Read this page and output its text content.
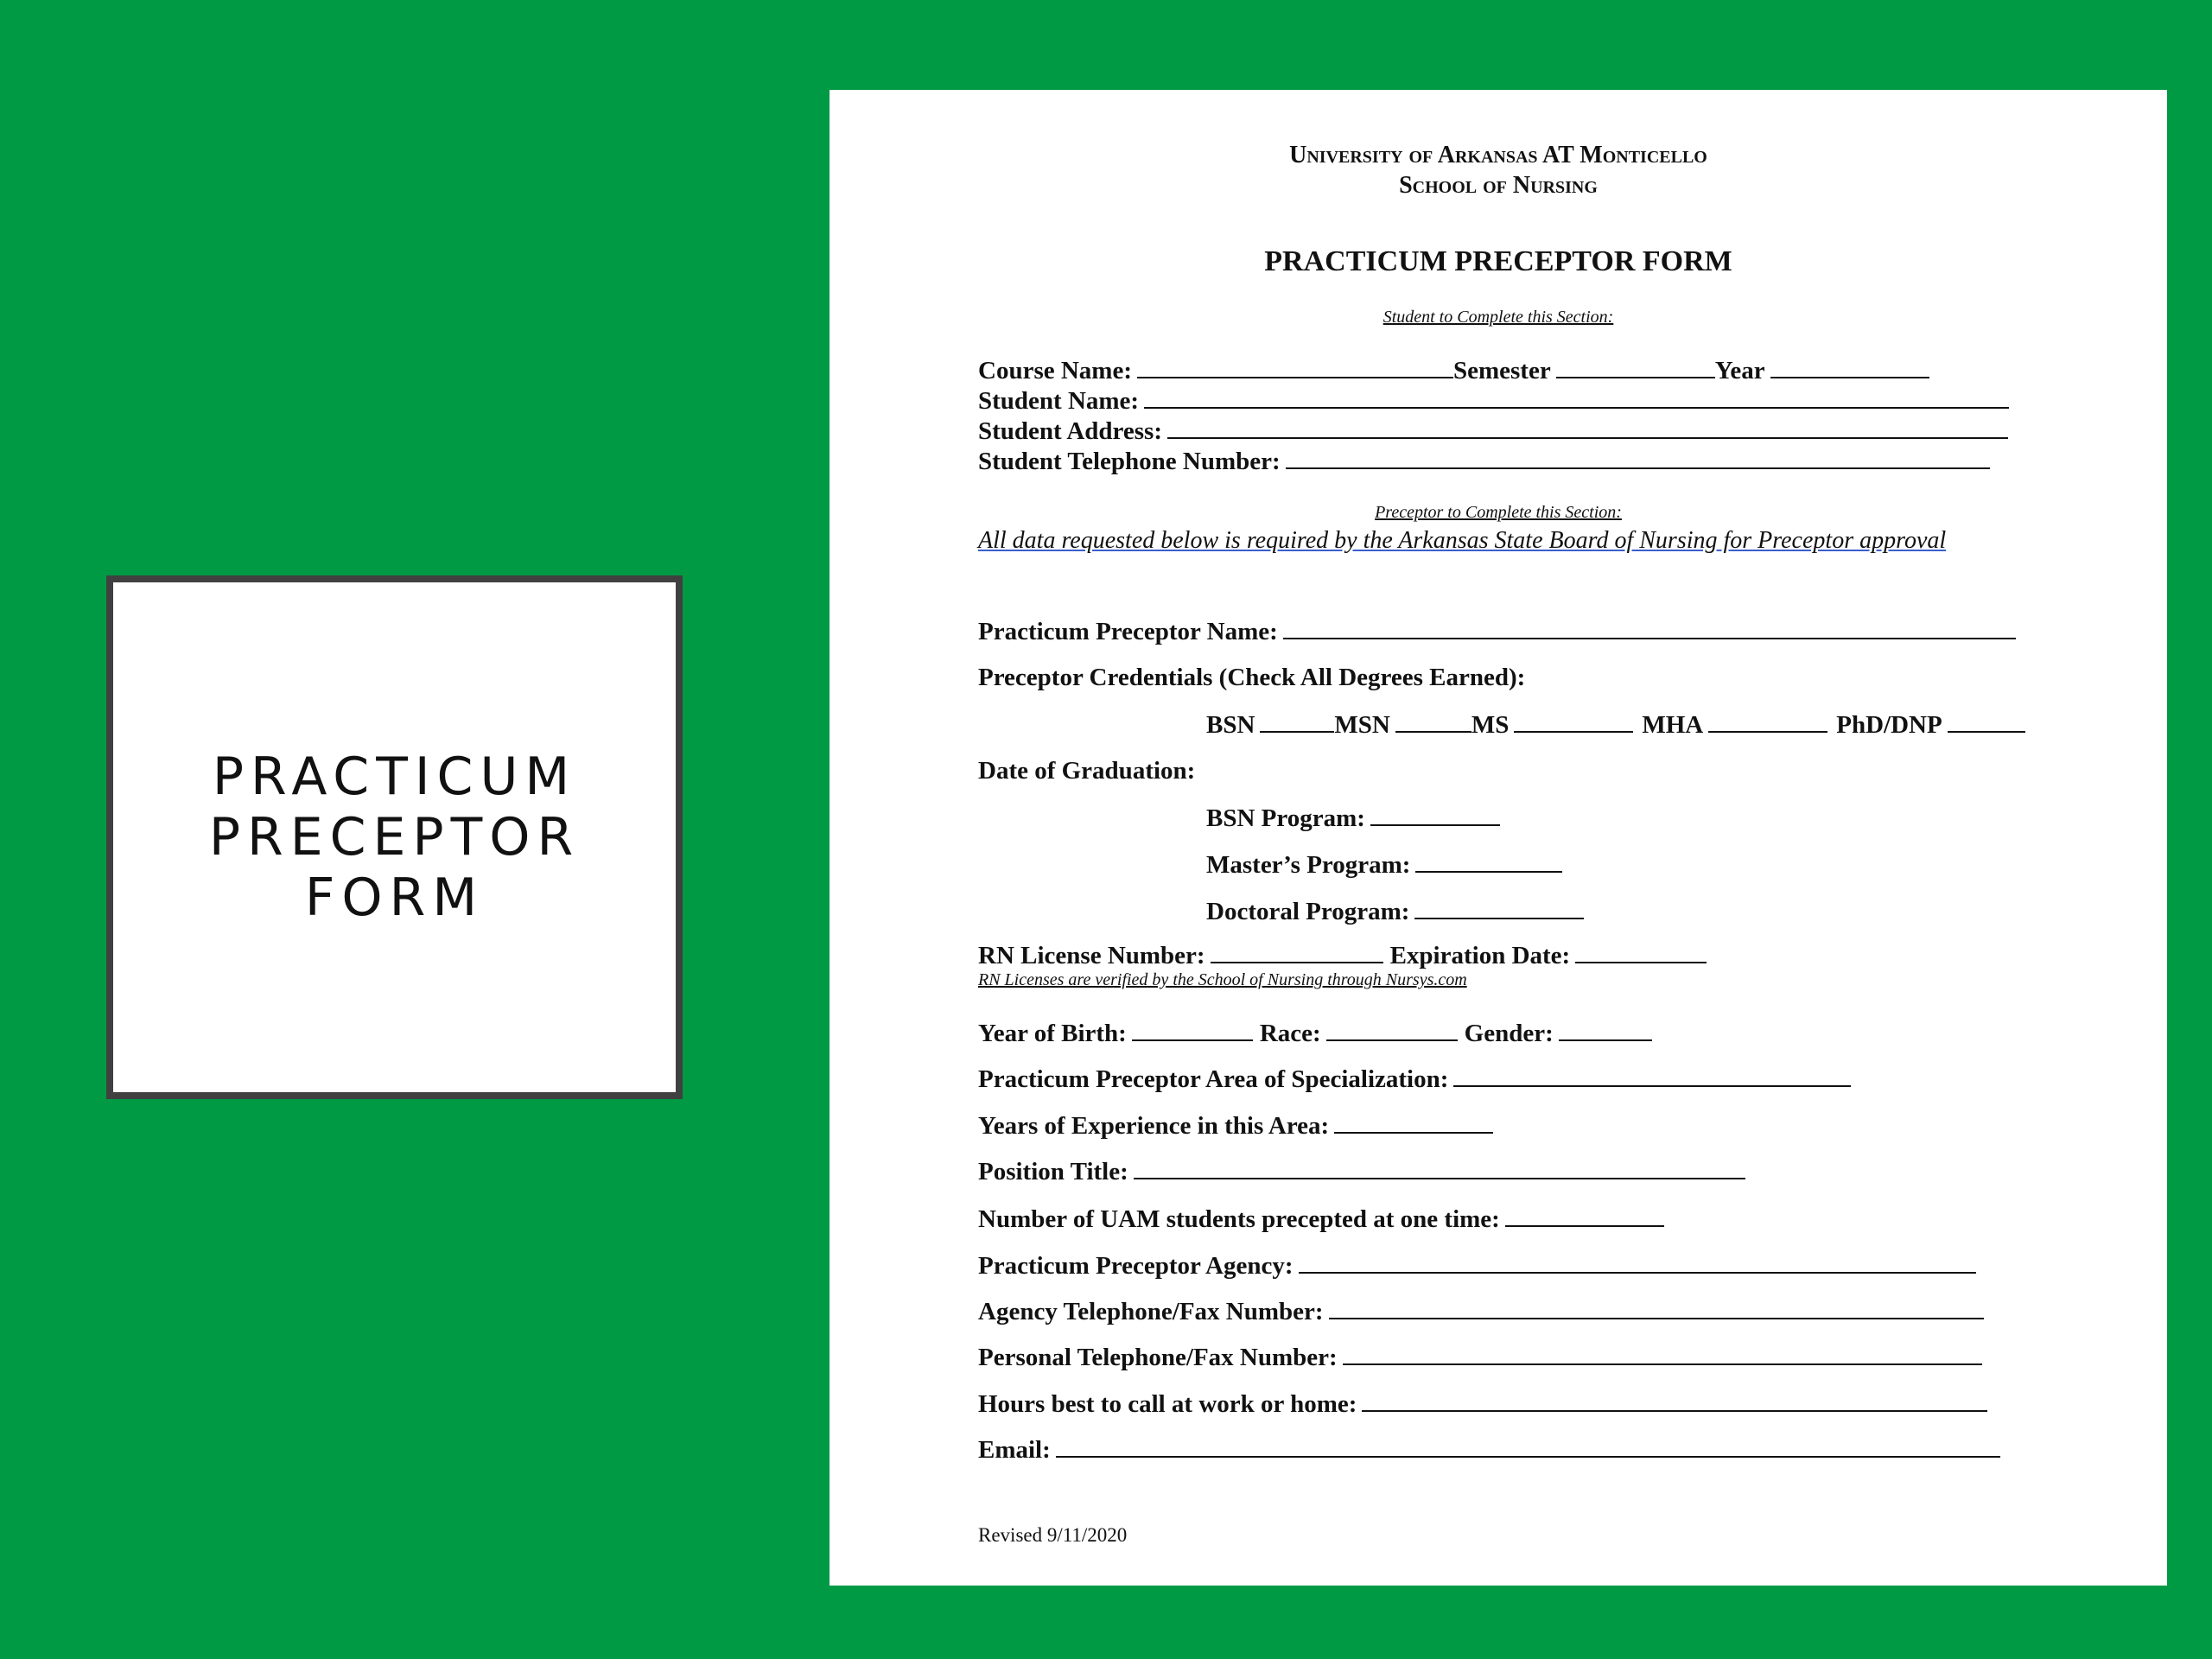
PRACTICUM PRECEPTOR FORM
University of Arkansas AT Monticello
School of Nursing
PRACTICUM PRECEPTOR FORM
Student to Complete this Section:
Course Name:	Semester	Year
Student Name:
Student Address:
Student Telephone Number:
Preceptor to Complete this Section:
All data requested below is required by the Arkansas State Board of Nursing for Preceptor approval
Practicum Preceptor Name:
Preceptor Credentials (Check All Degrees Earned):
BSN	MSN	MS	MHA	PhD/DNP
Date of Graduation:
BSN Program:
Master’s Program:
Doctoral Program:
RN License Number:	Expiration Date:
RN Licenses are verified by the School of Nursing through Nursys.com
Year of Birth:	Race:	Gender:
Practicum Preceptor Area of Specialization:
Years of Experience in this Area:
Position Title:
Number of UAM students precepted at one time:
Practicum Preceptor Agency:
Agency Telephone/Fax Number:
Personal Telephone/Fax Number:
Hours best to call at work or home:
Email:
Revised 9/11/2020
